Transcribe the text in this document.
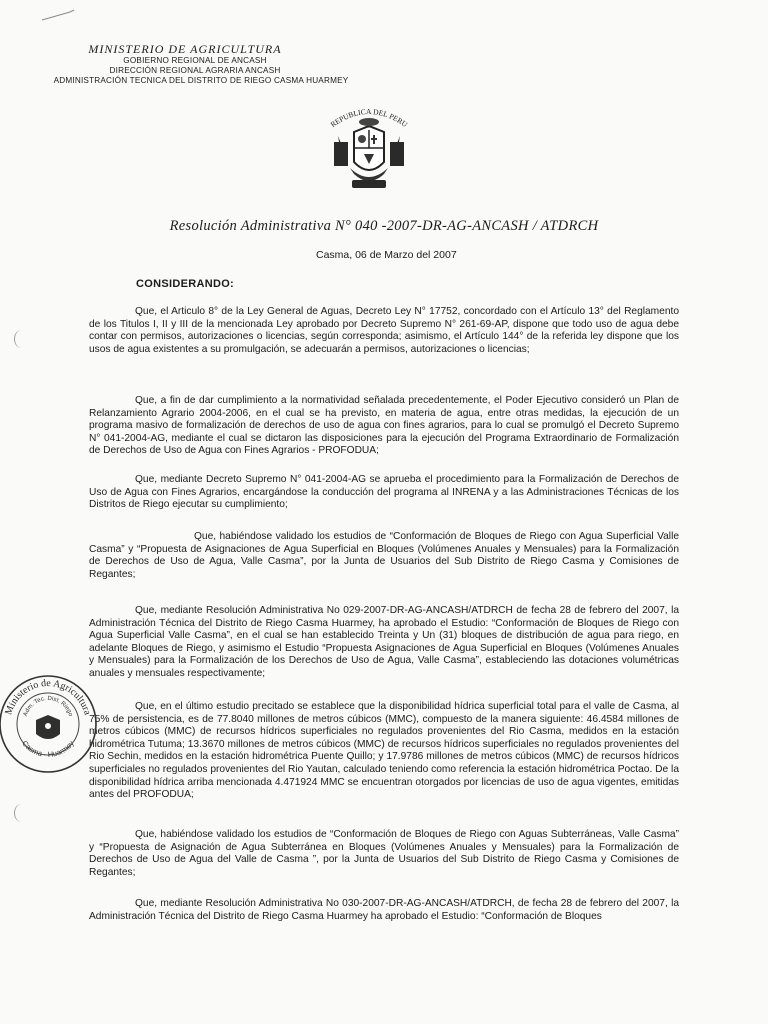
MINISTERIO DE AGRICULTURA
GOBIERNO REGIONAL DE ANCASH
DIRECCIÓN REGIONAL AGRARIA ANCASH
ADMINISTRACIÓN TECNICA DEL DISTRITO DE RIEGO CASMA HUARMEY
REPUBLICA DEL PERU
Resolución Administrativa N° 040 -2007-DR-AG-ANCASH / ATDRCH
Casma, 06 de Marzo del 2007
CONSIDERANDO:
Que, el Articulo 8° de la Ley General de Aguas, Decreto Ley N° 17752, concordado con el Artículo 13° del Reglamento de los Titulos I, II y III de la mencionada Ley aprobado por Decreto Supremo N° 261-69-AP, dispone que todo uso de agua debe contar con permisos, autorizaciones o licencias, según corresponda; asimismo, el Artículo 144° de la referida ley dispone que los usos de agua existentes a su promulgación, se adecuarán a permisos, autorizaciones o licencias;
Que, a fin de dar cumplimiento a la normatividad señalada precedentemente, el Poder Ejecutivo consideró un Plan de Relanzamiento Agrario 2004-2006, en el cual se ha previsto, en materia de agua, entre otras medidas, la ejecución de un programa masivo de formalización de derechos de uso de agua con fines agrarios, para lo cual se promulgó el Decreto Supremo N° 041-2004-AG, mediante el cual se dictaron las disposiciones para la ejecución del Programa Extraordinario de Formalización de Derechos de Uso de Agua con Fines Agrarios - PROFODUA;
Que, mediante Decreto Supremo N° 041-2004-AG se aprueba el procedimiento para la Formalización de Derechos de Uso de Agua con Fines Agrarios, encargándose la conducción del programa al INRENA y a las Administraciones Técnicas de los Distritos de Riego ejecutar su cumplimiento;
Que, habiéndose validado los estudios de “Conformación de Bloques de Riego con Agua Superficial Valle Casma” y “Propuesta de Asignaciones de Agua Superficial en Bloques (Volúmenes Anuales y Mensuales) para la Formalización de Derechos de Uso de Agua, Valle Casma”, por la Junta de Usuarios del Sub Distrito de Riego Casma y Comisiones de Regantes;
Que, mediante Resolución Administrativa No 029-2007-DR-AG-ANCASH/ATDRCH de fecha 28 de febrero del 2007, la Administración Técnica del Distrito de Riego Casma Huarmey, ha aprobado el Estudio: “Conformación de Bloques de Riego con Agua Superficial Valle Casma”, en el cual se han establecido Treinta y Un (31) bloques de distribución de agua para riego, en adelante Bloques de Riego, y asimismo el Estudio “Propuesta Asignaciones de Agua Superficial en Bloques (Volúmenes Anuales y Mensuales) para la Formalización de los Derechos de Uso de Agua, Valle Casma”, estableciendo las dotaciones volumétricas anuales y mensuales respectivamente;
Que, en el último estudio precitado se establece que la disponibilidad hídrica superficial total para el valle de Casma, al 75% de persistencia, es de 77.8040 millones de metros cúbicos (MMC), compuesto de la manera siguiente: 46.4584 millones de metros cúbicos (MMC) de recursos hídricos superficiales no regulados provenientes del Rio Casma, medidos en la estación hidrométrica Tutuma; 13.3670 millones de metros cúbicos (MMC) de recursos hídricos superficiales no regulados provenientes del Rio Sechin, medidos en la estación hidrométrica Puente Quillo; y 17.9786 millones de metros cúbicos (MMC) de recursos hídricos superficiales no regulados provenientes del Rio Yautan, calculado teniendo como referencia la estación hidrométrica Poctao. De la disponibilidad hídrica arriba mencionada 4.471924 MMC se encuentran otorgados por licencias de uso de agua vigentes, emitidas antes del PROFODUA;
Que, habiéndose validado los estudios de “Conformación de Bloques de Riego con Aguas Subterráneas, Valle Casma” y “Propuesta de Asignación de Agua Subterránea en Bloques (Volúmenes Anuales y Mensuales) para la Formalización de Derechos de Uso de Agua del Valle de Casma ”, por la Junta de Usuarios del Sub Distrito de Riego Casma y Comisiones de Regantes;
Que, mediante Resolución Administrativa No 030-2007-DR-AG-ANCASH/ATDRCH, de fecha 28 de febrero del 2007, la Administración Técnica del Distrito de Riego Casma Huarmey ha aprobado el Estudio: “Conformación de Bloques
Ministerio de Agricultura
Adm. Tec. Dist. Riego
Casma - Huarmey
